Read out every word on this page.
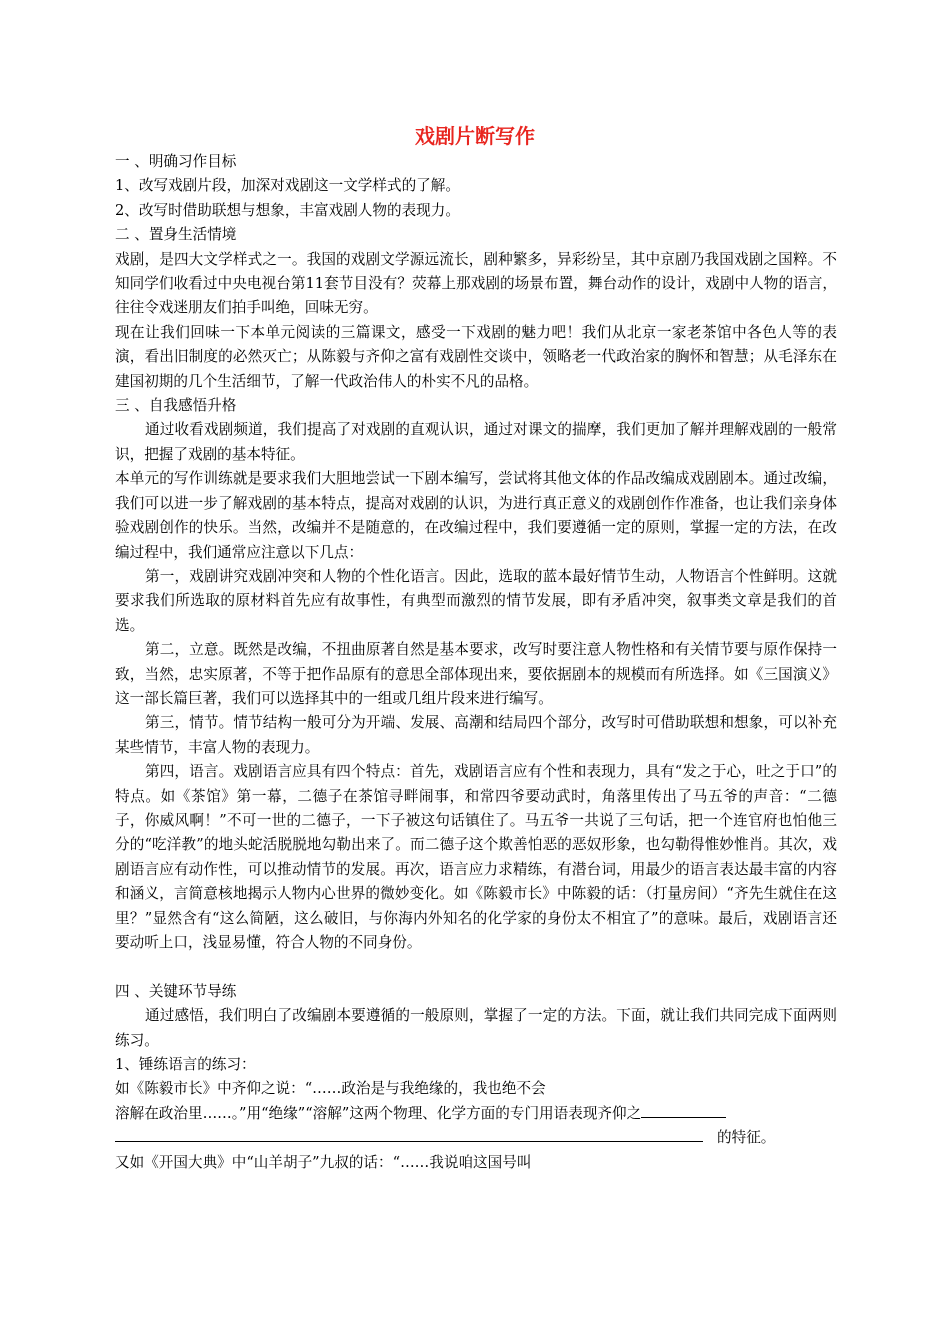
戏剧片断写作

一 、明确习作目标

1、改写戏剧片段，加深对戏剧这一文学样式的了解。

2、改写时借助联想与想象，丰富戏剧人物的表现力。

二 、置身生活情境

戏剧，是四大文学样式之一。我国的戏剧文学源远流长，剧种繁多，异彩纷呈，其中京剧乃我国戏剧之国粹。不知同学们收看过中央电视台第11套节目没有？荧幕上那戏剧的场景布置，舞台动作的设计，戏剧中人物的语言，往往令戏迷朋友们拍手叫绝，回味无穷。

现在让我们回味一下本单元阅读的三篇课文，感受一下戏剧的魅力吧！我们从北京一家老茶馆中各色人等的表演，看出旧制度的必然灭亡；从陈毅与齐仰之富有戏剧性交谈中，领略老一代政治家的胸怀和智慧；从毛泽东在建国初期的几个生活细节，了解一代政治伟人的朴实不凡的品格。

三 、自我感悟升格

通过收看戏剧频道，我们提高了对戏剧的直观认识，通过对课文的揣摩，我们更加了解并理解戏剧的一般常识，把握了戏剧的基本特征。

本单元的写作训练就是要求我们大胆地尝试一下剧本编写，尝试将其他文体的作品改编成戏剧剧本。通过改编，我们可以进一步了解戏剧的基本特点，提高对戏剧的认识，为进行真正意义的戏剧创作作准备，也让我们亲身体验戏剧创作的快乐。当然，改编并不是随意的，在改编过程中，我们要遵循一定的原则，掌握一定的方法，在改编过程中，我们通常应注意以下几点：

第一，戏剧讲究戏剧冲突和人物的个性化语言。因此，选取的蓝本最好情节生动，人物语言个性鲜明。这就要求我们所选取的原材料首先应有故事性，有典型而激烈的情节发展，即有矛盾冲突，叙事类文章是我们的首选。

第二，立意。既然是改编，不扭曲原著自然是基本要求，改写时要注意人物性格和有关情节要与原作保持一致，当然，忠实原著，不等于把作品原有的意思全部体现出来，要依据剧本的规模而有所选择。如《三国演义》这一部长篇巨著，我们可以选择其中的一组或几组片段来进行编写。

第三，情节。情节结构一般可分为开端、发展、高潮和结局四个部分，改写时可借助联想和想象，可以补充某些情节，丰富人物的表现力。

第四，语言。戏剧语言应具有四个特点：首先，戏剧语言应有个性和表现力，具有“发之于心，吐之于口”的特点。如《茶馆》第一幕，二德子在茶馆寻畔闹事，和常四爷要动武时，角落里传出了马五爷的声音：“二德子，你威风啊！”不可一世的二德子，一下子被这句话镇住了。马五爷一共说了三句话，把一个连官府也怕他三分的“吃洋教”的地头蛇活脱脱地勾勒出来了。而二德子这个欺善怕恶的恶奴形象，也勾勒得惟妙惟肖。其次，戏剧语言应有动作性，可以推动情节的发展。再次，语言应力求精练，有潜台词，用最少的语言表达最丰富的内容和涵义，言简意核地揭示人物内心世界的微妙变化。如《陈毅市长》中陈毅的话：（打量房间）“齐先生就住在这里？”显然含有“这么简陋，这么破旧，与你海内外知名的化学家的身份太不相宜了”的意味。最后，戏剧语言还要动听上口，浅显易懂，符合人物的不同身份。

四 、关键环节导练

通过感悟，我们明白了改编剧本要遵循的一般原则，掌握了一定的方法。下面，就让我们共同完成下面两则练习。

1、锤练语言的练习：

如《陈毅市长》中齐仰之说：“……政治是与我绝缘的，我也绝不会

溶解在政治里……。”用“绝缘”“溶解”这两个物理、化学方面的专门用语表现齐仰之

的特征。

又如《开国大典》中“山羊胡子”九叔的话：“……我说咱这国号叫
